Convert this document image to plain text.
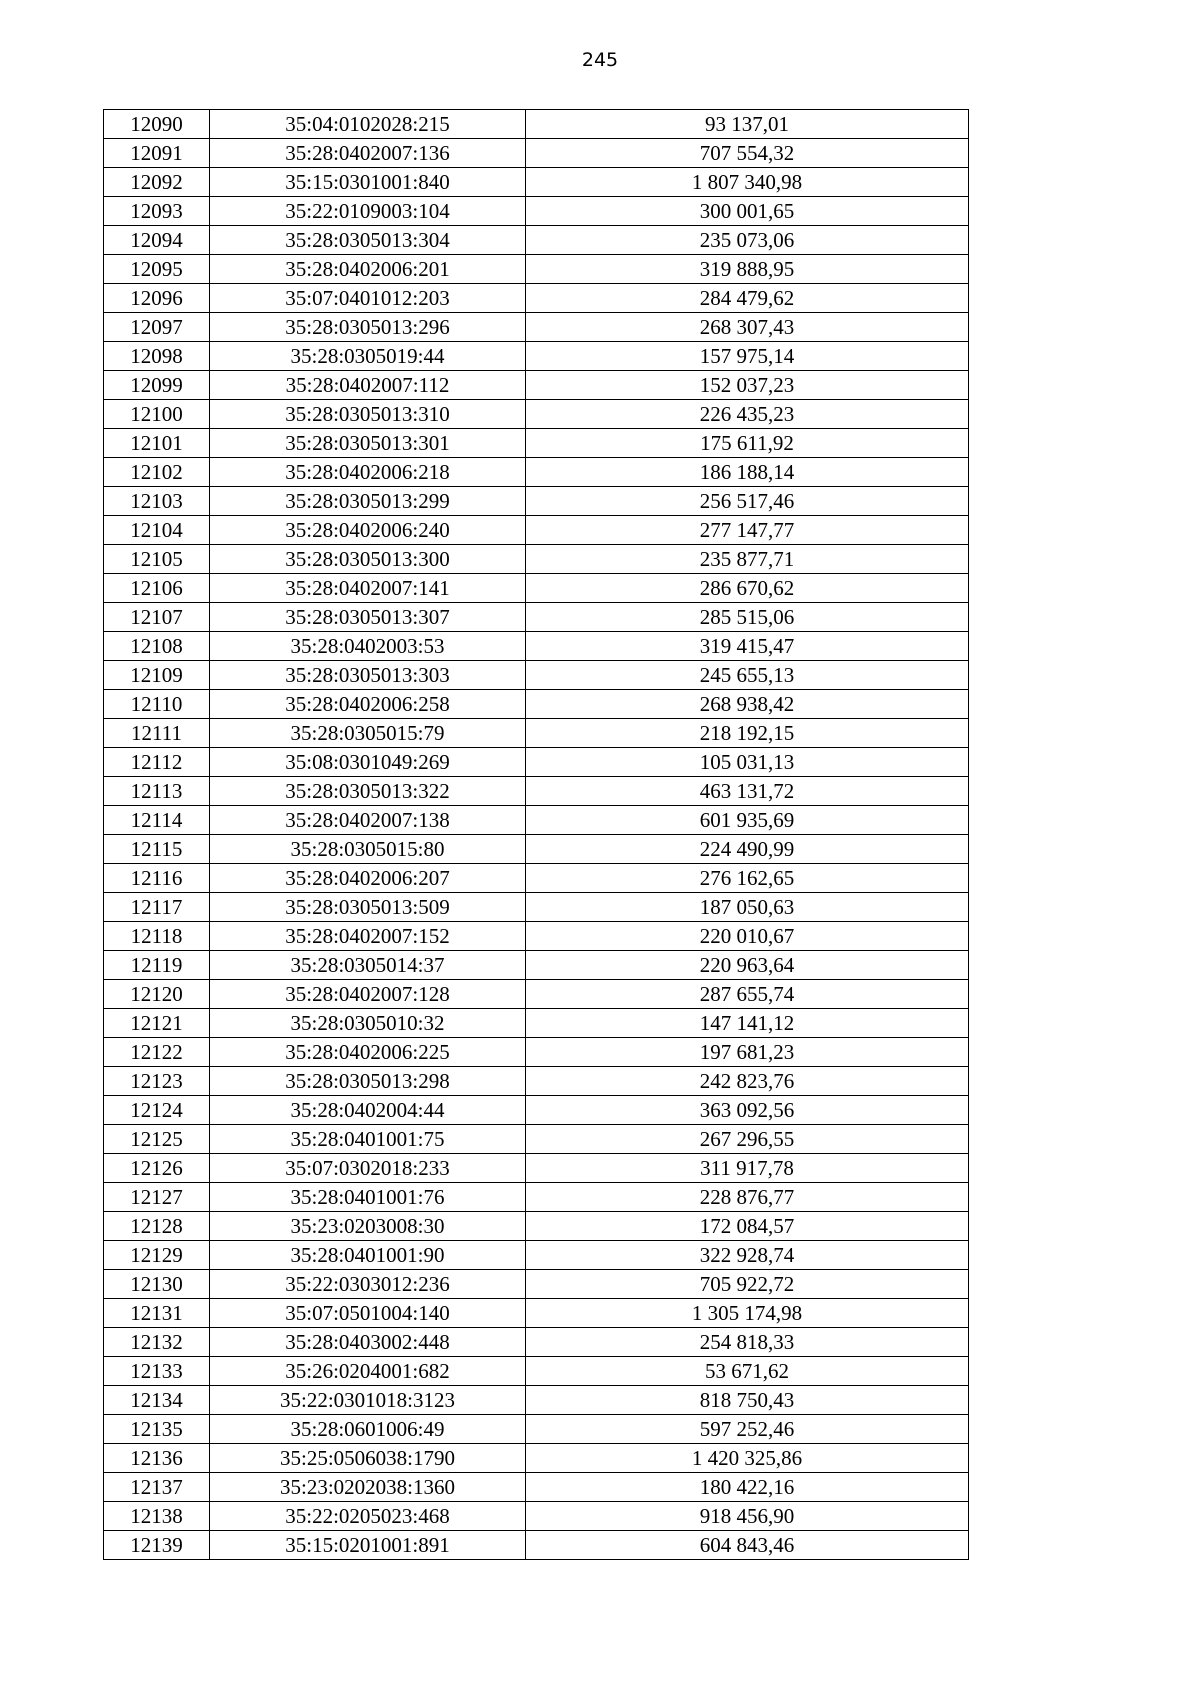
245
12090	35:04:0102028:215	93 137,01
12091	35:28:0402007:136	707 554,32
12092	35:15:0301001:840	1 807 340,98
12093	35:22:0109003:104	300 001,65
12094	35:28:0305013:304	235 073,06
12095	35:28:0402006:201	319 888,95
12096	35:07:0401012:203	284 479,62
12097	35:28:0305013:296	268 307,43
12098	35:28:0305019:44	157 975,14
12099	35:28:0402007:112	152 037,23
12100	35:28:0305013:310	226 435,23
12101	35:28:0305013:301	175 611,92
12102	35:28:0402006:218	186 188,14
12103	35:28:0305013:299	256 517,46
12104	35:28:0402006:240	277 147,77
12105	35:28:0305013:300	235 877,71
12106	35:28:0402007:141	286 670,62
12107	35:28:0305013:307	285 515,06
12108	35:28:0402003:53	319 415,47
12109	35:28:0305013:303	245 655,13
12110	35:28:0402006:258	268 938,42
12111	35:28:0305015:79	218 192,15
12112	35:08:0301049:269	105 031,13
12113	35:28:0305013:322	463 131,72
12114	35:28:0402007:138	601 935,69
12115	35:28:0305015:80	224 490,99
12116	35:28:0402006:207	276 162,65
12117	35:28:0305013:509	187 050,63
12118	35:28:0402007:152	220 010,67
12119	35:28:0305014:37	220 963,64
12120	35:28:0402007:128	287 655,74
12121	35:28:0305010:32	147 141,12
12122	35:28:0402006:225	197 681,23
12123	35:28:0305013:298	242 823,76
12124	35:28:0402004:44	363 092,56
12125	35:28:0401001:75	267 296,55
12126	35:07:0302018:233	311 917,78
12127	35:28:0401001:76	228 876,77
12128	35:23:0203008:30	172 084,57
12129	35:28:0401001:90	322 928,74
12130	35:22:0303012:236	705 922,72
12131	35:07:0501004:140	1 305 174,98
12132	35:28:0403002:448	254 818,33
12133	35:26:0204001:682	53 671,62
12134	35:22:0301018:3123	818 750,43
12135	35:28:0601006:49	597 252,46
12136	35:25:0506038:1790	1 420 325,86
12137	35:23:0202038:1360	180 422,16
12138	35:22:0205023:468	918 456,90
12139	35:15:0201001:891	604 843,46
